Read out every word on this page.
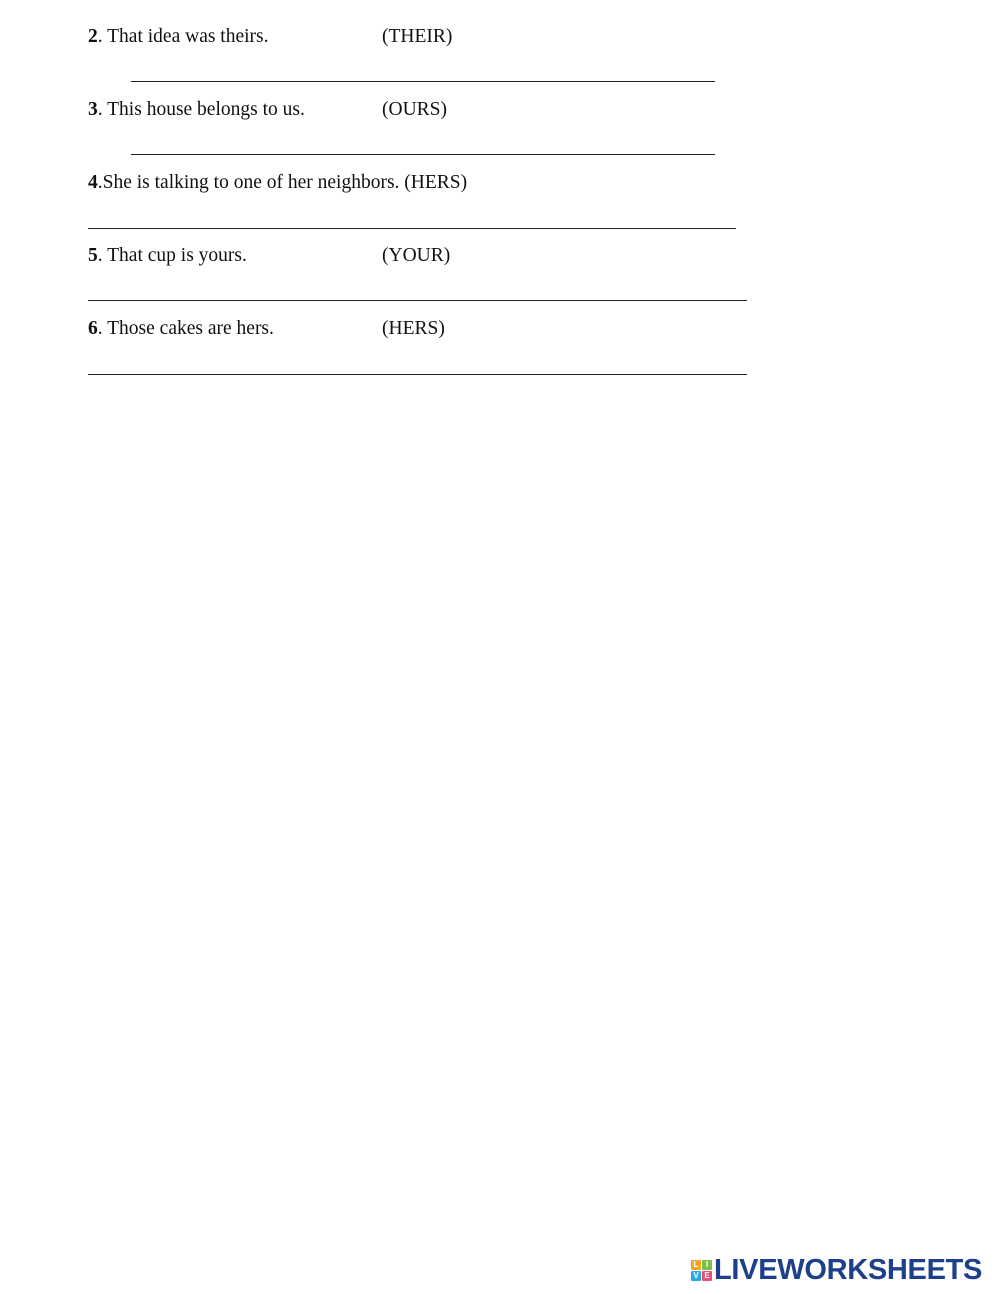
2. That idea was theirs.	(THEIR)
3. This house belongs to us.	(OURS)
4.She is talking to one of her neighbors. (HERS)
5. That cup is yours.	(YOUR)
6. Those cakes are hers.	(HERS)
L I
V E LIVEWORKSHEETS
